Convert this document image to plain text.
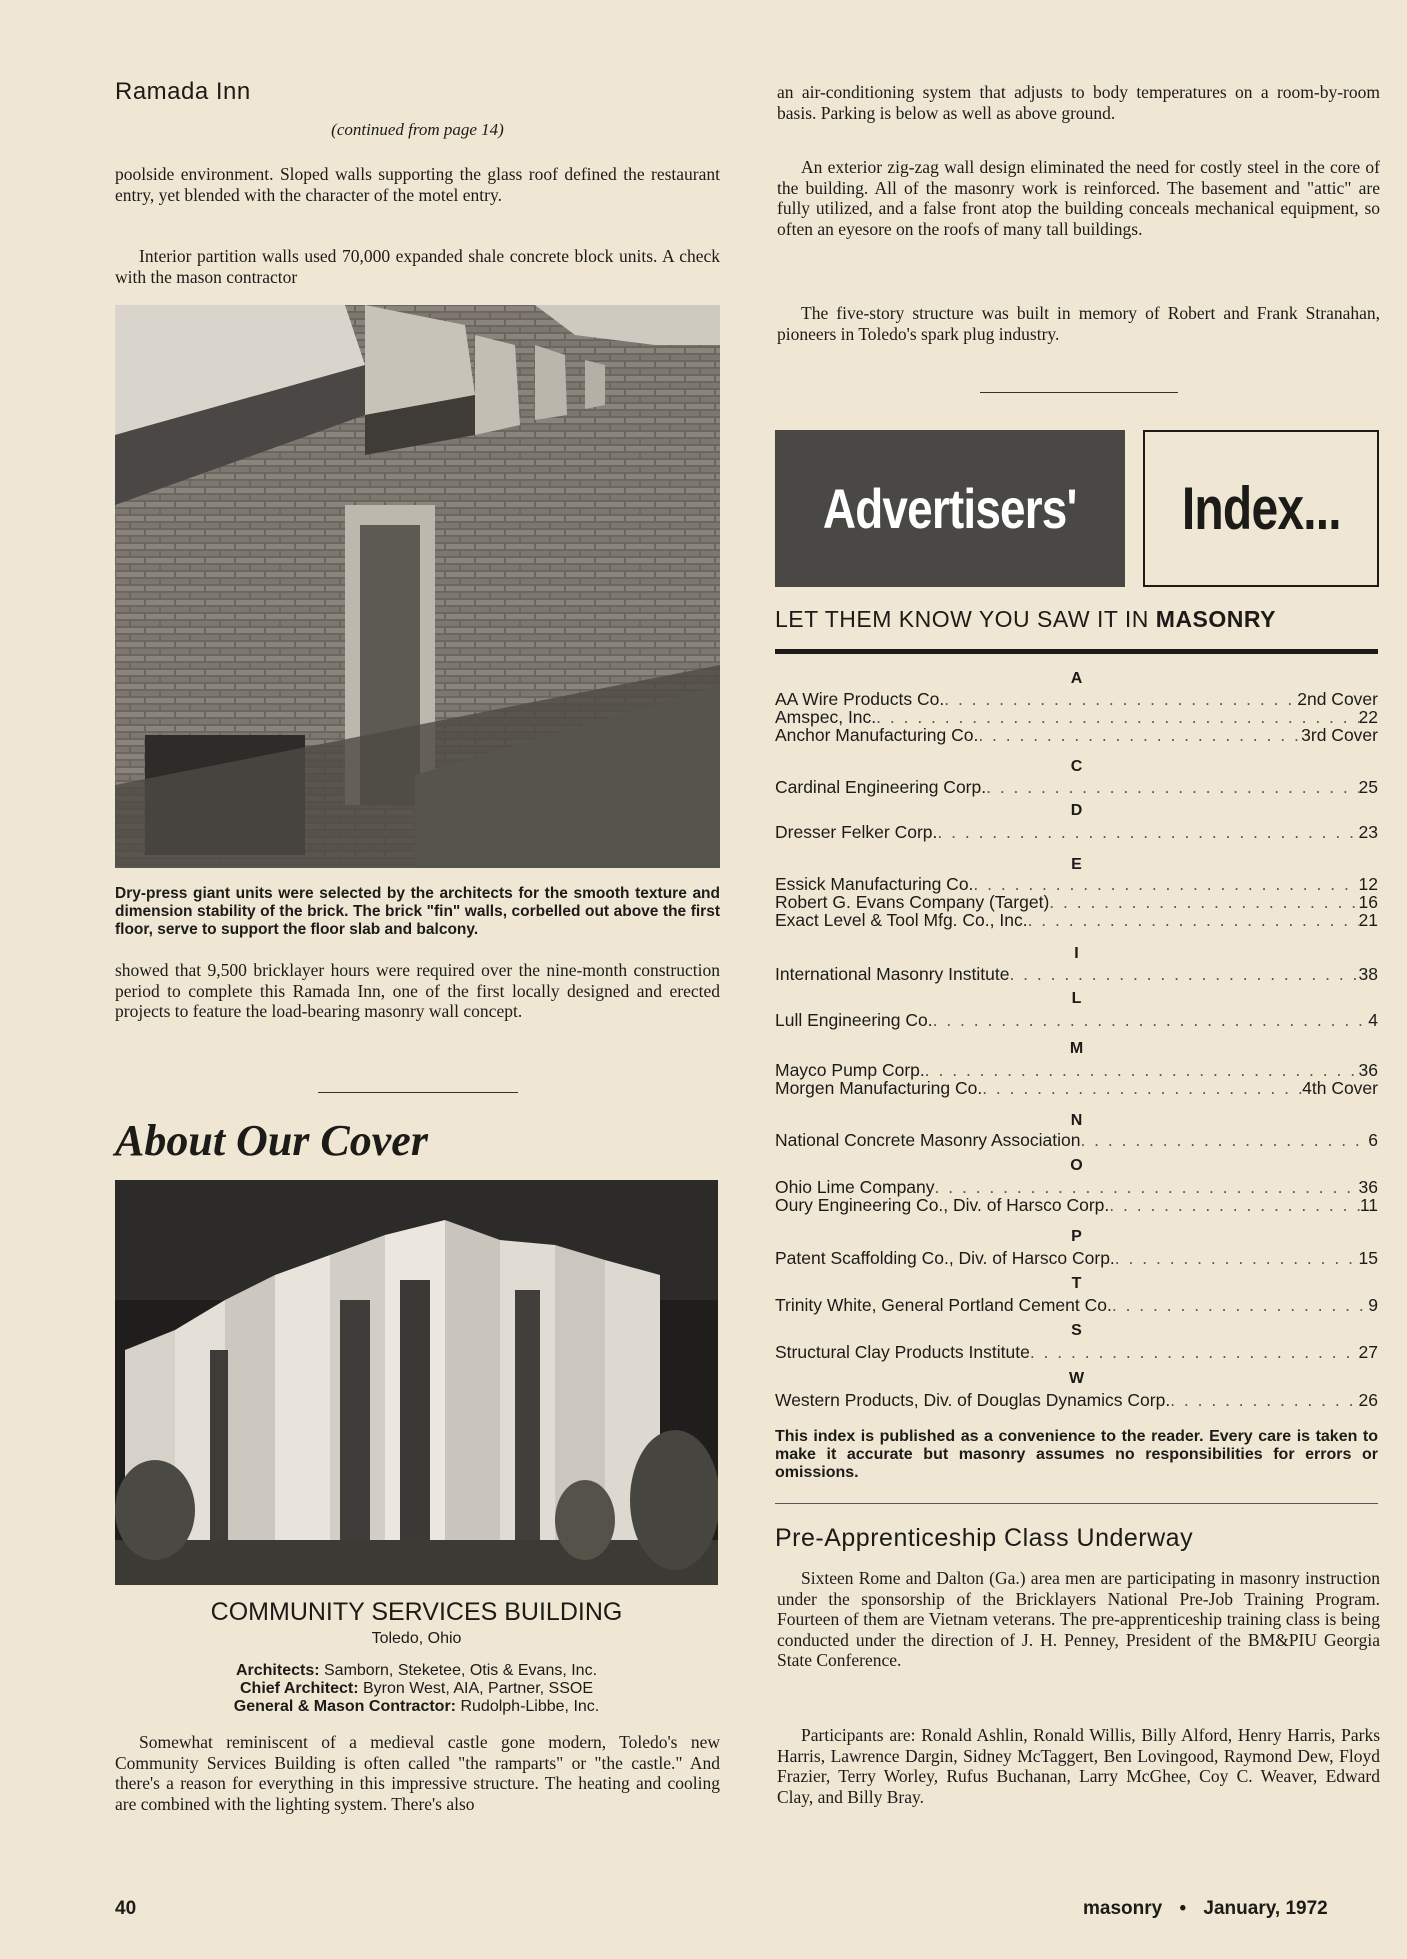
Ramada Inn
(continued from page 14)

poolside environment. Sloped walls supporting the glass roof defined the restaurant entry, yet blended with the character of the motel entry.

Interior partition walls used 70,000 expanded shale concrete block units. A check with the mason contractor

Dry-press giant units were selected by the architects for the smooth texture and dimension stability of the brick. The brick "fin" walls, corbelled out above the first floor, serve to support the floor slab and balcony.

showed that 9,500 bricklayer hours were required over the nine-month construction period to complete this Ramada Inn, one of the first locally designed and erected projects to feature the load-bearing masonry wall concept.

About Our Cover
COMMUNITY SERVICES BUILDING
Toledo, Ohio
Architects: Samborn, Steketee, Otis & Evans, Inc.
Chief Architect: Byron West, AIA, Partner, SSOE
General & Mason Contractor: Rudolph-Libbe, Inc.

Somewhat reminiscent of a medieval castle gone modern, Toledo's new Community Services Building is often called "the ramparts" or "the castle." And there's a reason for everything in this impressive structure. The heating and cooling are combined with the lighting system. There's also

an air-conditioning system that adjusts to body temperatures on a room-by-room basis. Parking is below as well as above ground.

An exterior zig-zag wall design eliminated the need for costly steel in the core of the building. All of the masonry work is reinforced. The basement and "attic" are fully utilized, and a false front atop the building conceals mechanical equipment, so often an eyesore on the roofs of many tall buildings.

The five-story structure was built in memory of Robert and Frank Stranahan, pioneers in Toledo's spark plug industry.

Advertisers' Index...
LET THEM KNOW YOU SAW IT IN MASONRY
A
AA Wire Products Co. . . .	2nd Cover
Amspec, Inc. . . .	22
Anchor Manufacturing Co. . . .	3rd Cover
C
Cardinal Engineering Corp. . . .	25
D
Dresser Felker Corp. . . .	23
E
Essick Manufacturing Co. . . .	12
Robert G. Evans Company (Target) . . .	16
Exact Level & Tool Mfg. Co., Inc. . . .	21
I
International Masonry Institute . . .	38
L
Lull Engineering Co. . . .	4
M
Mayco Pump Corp. . . .	36
Morgen Manufacturing Co. . . .	4th Cover
N
National Concrete Masonry Association . . .	6
O
Ohio Lime Company . . .	36
Oury Engineering Co., Div. of Harsco Corp. . . .	11
P
Patent Scaffolding Co., Div. of Harsco Corp. . . .	15
T
Trinity White, General Portland Cement Co. . . .	9
S
Structural Clay Products Institute . . .	27
W
Western Products, Div. of Douglas Dynamics Corp. . . .	26
This index is published as a convenience to the reader. Every care is taken to make it accurate but masonry assumes no responsibilities for errors or omissions.
Pre-Apprenticeship Class Underway

Sixteen Rome and Dalton (Ga.) area men are participating in masonry instruction under the sponsorship of the Bricklayers National Pre-Job Training Program. Fourteen of them are Vietnam veterans. The pre-apprenticeship training class is being conducted under the direction of J. H. Penney, President of the BM&PIU Georgia State Conference.

Participants are: Ronald Ashlin, Ronald Willis, Billy Alford, Henry Harris, Parks Harris, Lawrence Dargin, Sidney McTaggert, Ben Lovingood, Raymond Dew, Floyd Frazier, Terry Worley, Rufus Buchanan, Larry McGhee, Coy C. Weaver, Edward Clay, and Billy Bray.

40	masonry • January, 1972
